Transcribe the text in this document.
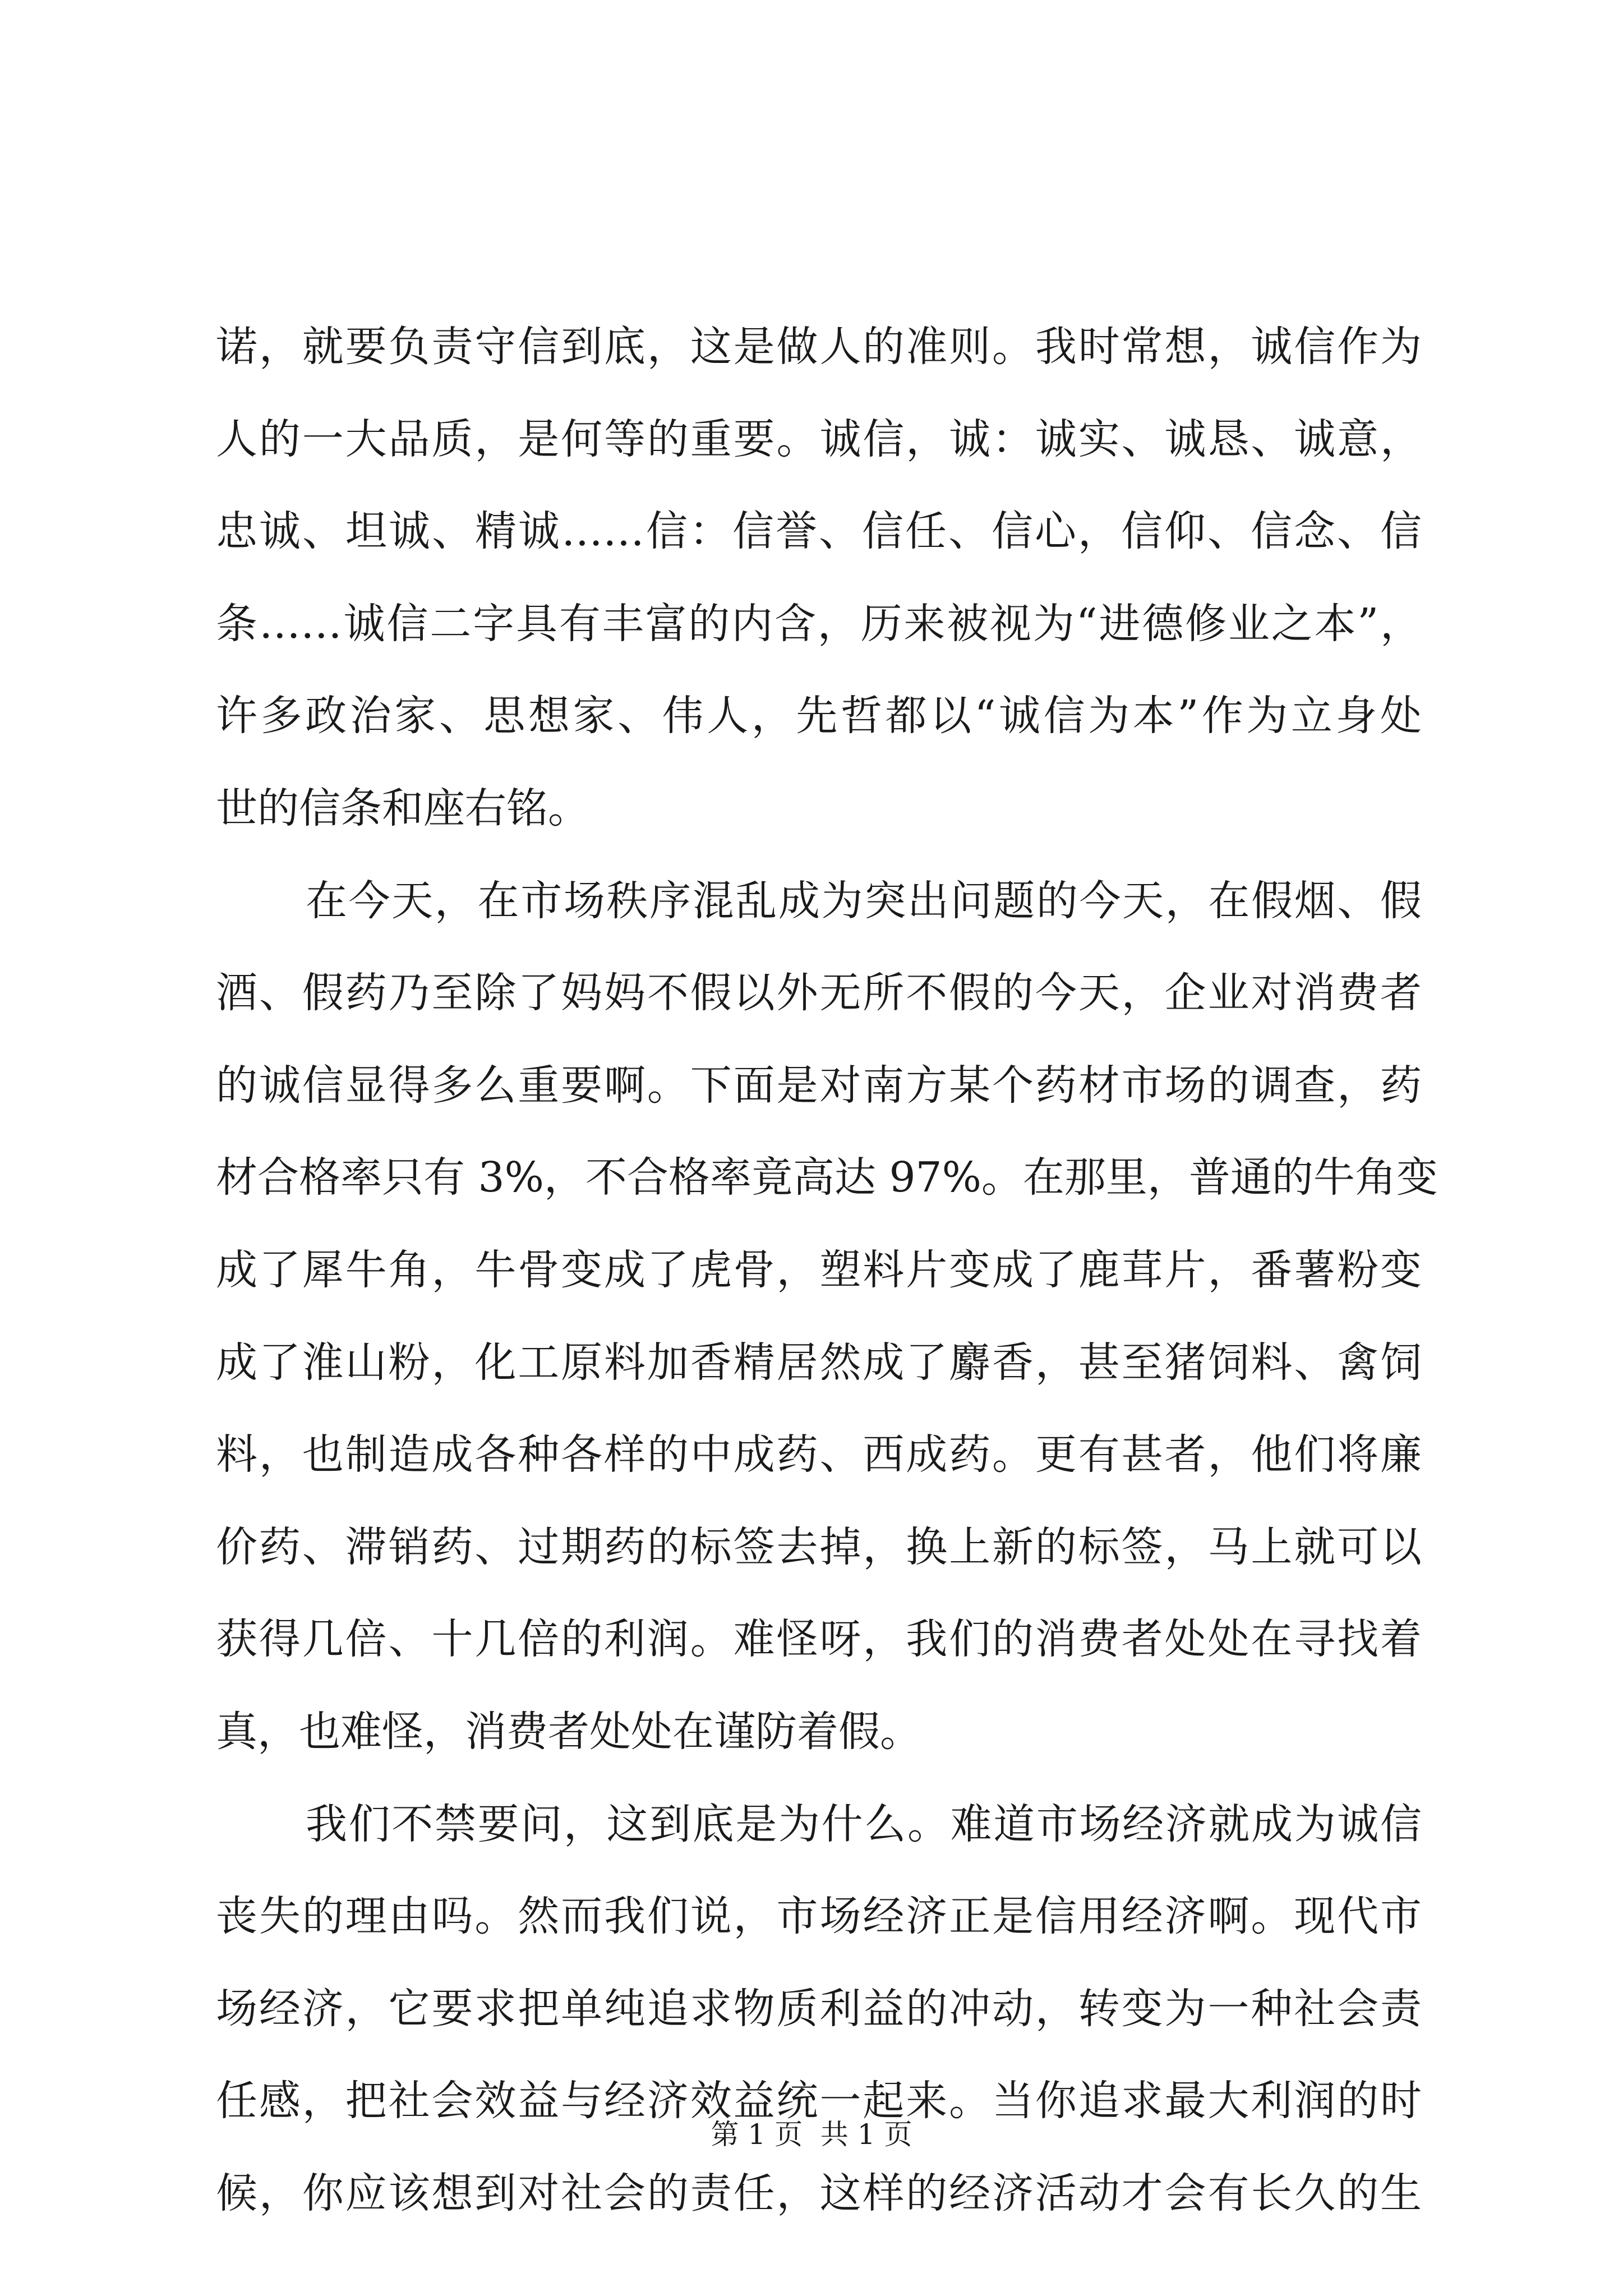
诺，就要负责守信到底，这是做人的准则。我时常想，诚信作为
人的一大品质，是何等的重要。诚信，诚：诚实、诚恳、诚意，
忠诚、坦诚、精诚……信：信誉、信任、信心，信仰、信念、信
条……诚信二字具有丰富的内含，历来被视为“进德修业之本”，
许多政治家、思想家、伟人，先哲都以“诚信为本”作为立身处
世的信条和座右铭。
在今天，在市场秩序混乱成为突出问题的今天，在假烟、假
酒、假药乃至除了妈妈不假以外无所不假的今天，企业对消费者
的诚信显得多么重要啊。下面是对南方某个药材市场的调查，药
材合格率只有 3%，不合格率竟高达 97%。在那里，普通的牛角变
成了犀牛角，牛骨变成了虎骨，塑料片变成了鹿茸片，番薯粉变
成了淮山粉，化工原料加香精居然成了麝香，甚至猪饲料、禽饲
料，也制造成各种各样的中成药、西成药。更有甚者，他们将廉
价药、滞销药、过期药的标签去掉，换上新的标签，马上就可以
获得几倍、十几倍的利润。难怪呀，我们的消费者处处在寻找着
真，也难怪，消费者处处在谨防着假。
我们不禁要问，这到底是为什么。难道市场经济就成为诚信
丧失的理由吗。然而我们说，市场经济正是信用经济啊。现代市
场经济，它要求把单纯追求物质利益的冲动，转变为一种社会责
任感，把社会效益与经济效益统一起来。当你追求最大利润的时
候，你应该想到对社会的责任，这样的经济活动才会有长久的生
第 1 页  共 1 页
